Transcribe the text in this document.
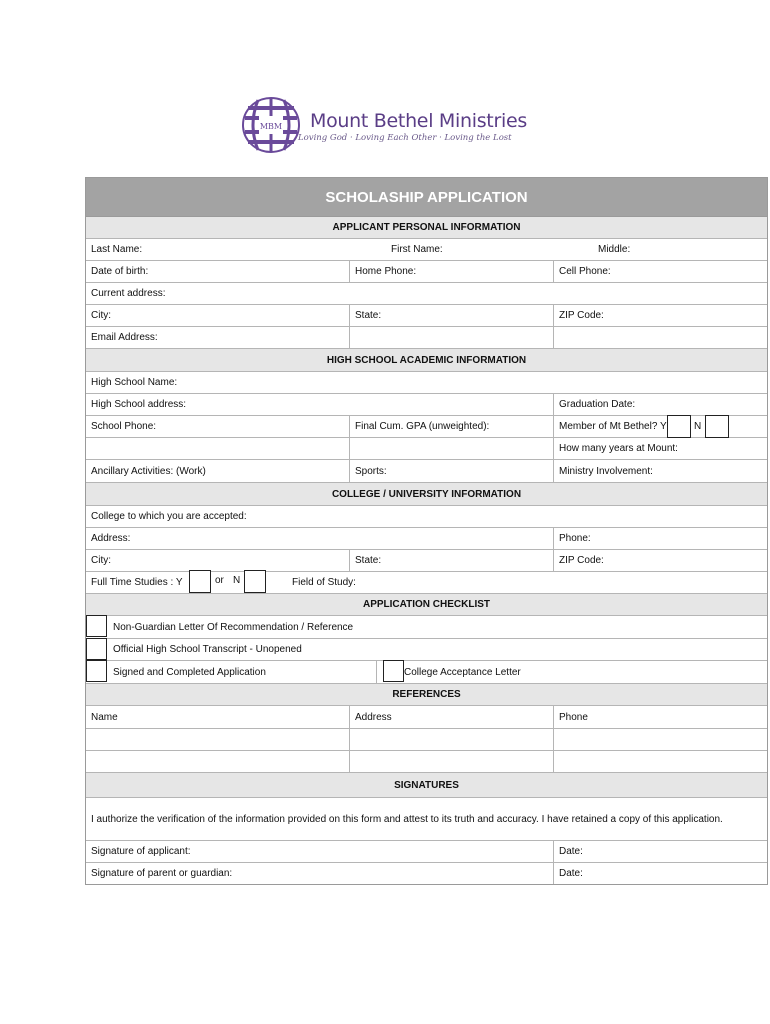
MBM Mount Bethel Ministries
Loving God · Loving Each Other · Loving the Lost
SCHOLASHIP APPLICATION
APPLICANT PERSONAL INFORMATION
Last Name:	First Name:	Middle:
Date of birth:	Home Phone:	Cell Phone:
Current address:
City:	State:	ZIP Code:
Email Address:
HIGH SCHOOL ACADEMIC INFORMATION
High School Name:
High School address:	Graduation Date:
School Phone:	Final Cum. GPA (unweighted):	Member of Mt Bethel? Y	N
How many years at Mount:
Ancillary Activities: (Work)	Sports:	Ministry Involvement:
COLLEGE / UNIVERSITY INFORMATION
College to which you are accepted:
Address:	Phone:
City:	State:	ZIP Code:
Full Time Studies : Y	or N	Field of Study:
APPLICATION CHECKLIST
Non-Guardian Letter Of Recommendation / Reference
Official High School Transcript - Unopened
Signed and Completed Application	College Acceptance Letter
REFERENCES
Name	Address	Phone
SIGNATURES
I authorize the verification of the information provided on this form and attest to its truth and accuracy. I have retained a copy of this application.
Signature of applicant:	Date:
Signature of parent or guardian:	Date:
